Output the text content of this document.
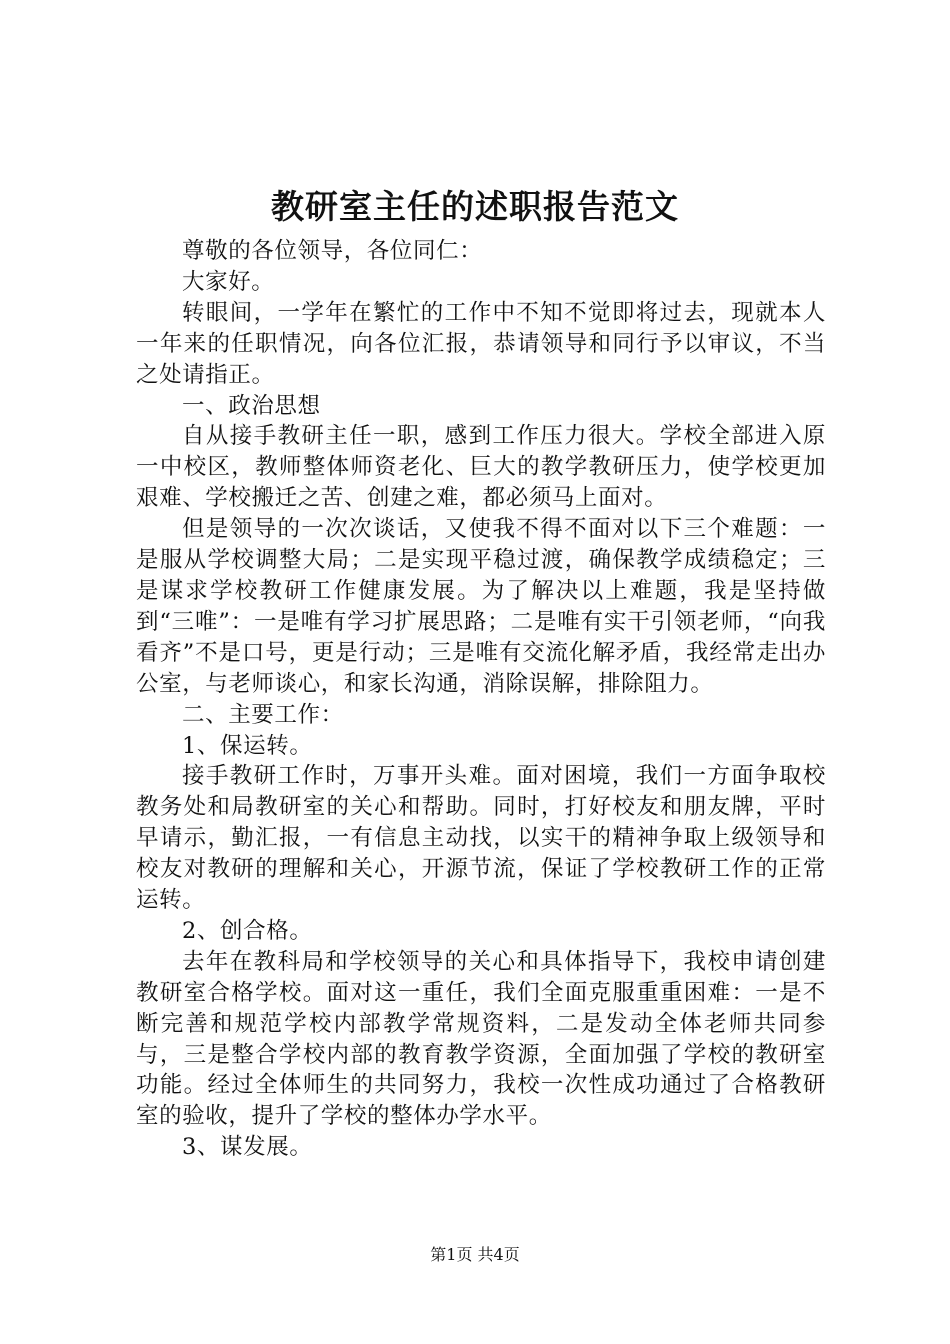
教研室主任的述职报告范文

尊敬的各位领导，各位同仁：

大家好。

转眼间，一学年在繁忙的工作中不知不觉即将过去，现就本人一年来的任职情况，向各位汇报，恭请领导和同行予以审议，不当之处请指正。

一、政治思想

自从接手教研主任一职，感到工作压力很大。学校全部进入原一中校区，教师整体师资老化、巨大的教学教研压力，使学校更加艰难、学校搬迁之苦、创建之难，都必须马上面对。

但是领导的一次次谈话，又使我不得不面对以下三个难题：一是服从学校调整大局；二是实现平稳过渡，确保教学成绩稳定；三是谋求学校教研工作健康发展。为了解决以上难题，我是坚持做到“三唯”：一是唯有学习扩展思路；二是唯有实干引领老师，“向我看齐”不是口号，更是行动；三是唯有交流化解矛盾，我经常走出办公室，与老师谈心，和家长沟通，消除误解，排除阻力。

二、主要工作：

1、保运转。

接手教研工作时，万事开头难。面对困境，我们一方面争取校教务处和局教研室的关心和帮助。同时，打好校友和朋友牌，平时早请示，勤汇报，一有信息主动找，以实干的精神争取上级领导和校友对教研的理解和关心，开源节流，保证了学校教研工作的正常运转。

2、创合格。

去年在教科局和学校领导的关心和具体指导下，我校申请创建教研室合格学校。面对这一重任，我们全面克服重重困难：一是不断完善和规范学校内部教学常规资料，二是发动全体老师共同参与，三是整合学校内部的教育教学资源，全面加强了学校的教研室功能。经过全体师生的共同努力，我校一次性成功通过了合格教研室的验收，提升了学校的整体办学水平。

3、谋发展。

第1页 共4页
